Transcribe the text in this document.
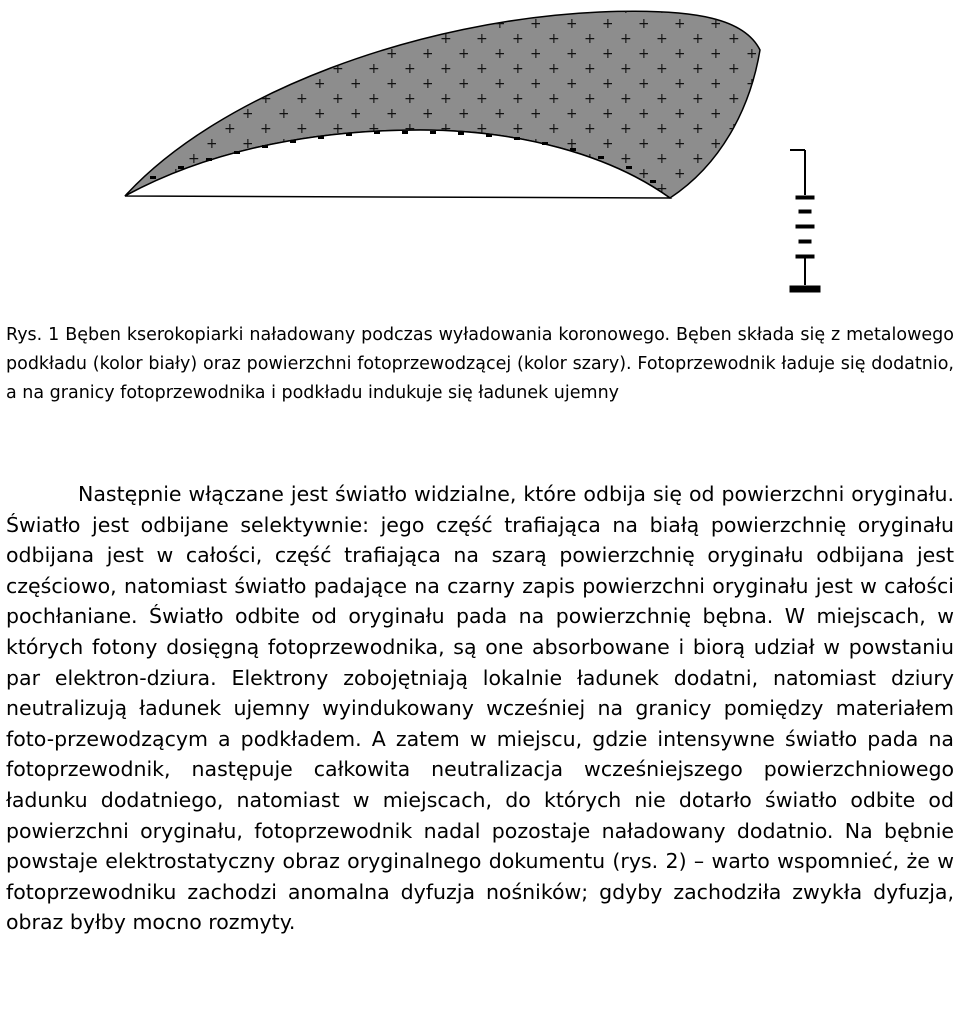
Rys. 1 Bęben kserokopiarki naładowany podczas wyładowania koronowego. Bęben składa się z metalowego podkładu (kolor biały) oraz powierzchni fotoprzewodzącej (kolor szary). Fotoprzewodnik ładuje się dodatnio, a na granicy fotoprzewodnika i podkładu indukuje się ładunek ujemny

Następnie włączane jest światło widzialne, które odbija się od powierzchni oryginału. Światło jest odbijane selektywnie: jego część trafiająca na białą powierzchnię oryginału odbijana jest w całości, część trafiająca na szarą powierzchnię oryginału odbijana jest częściowo, natomiast światło padające na czarny zapis powierzchni oryginału jest w całości pochłaniane. Światło odbite od oryginału pada na powierzchnię bębna. W miejscach, w których fotony dosięgną fotoprzewodnika, są one absorbowane i biorą udział w powstaniu par elektron-dziura. Elektrony zobojętniają lokalnie ładunek dodatni, natomiast dziury neutralizują ładunek ujemny wyindukowany wcześniej na granicy pomiędzy materiałem foto-przewodzącym a podkładem. A zatem w miejscu, gdzie intensywne światło pada na fotoprzewodnik, następuje całkowita neutralizacja wcześniejszego powierzchniowego ładunku dodatniego, natomiast w miejscach, do których nie dotarło światło odbite od powierzchni oryginału, fotoprzewodnik nadal pozostaje naładowany dodatnio. Na bębnie powstaje elektrostatyczny obraz oryginalnego dokumentu (rys. 2) – warto wspomnieć, że w fotoprzewodniku zachodzi anomalna dyfuzja nośników; gdyby zachodziła zwykła dyfuzja, obraz byłby mocno rozmyty.
